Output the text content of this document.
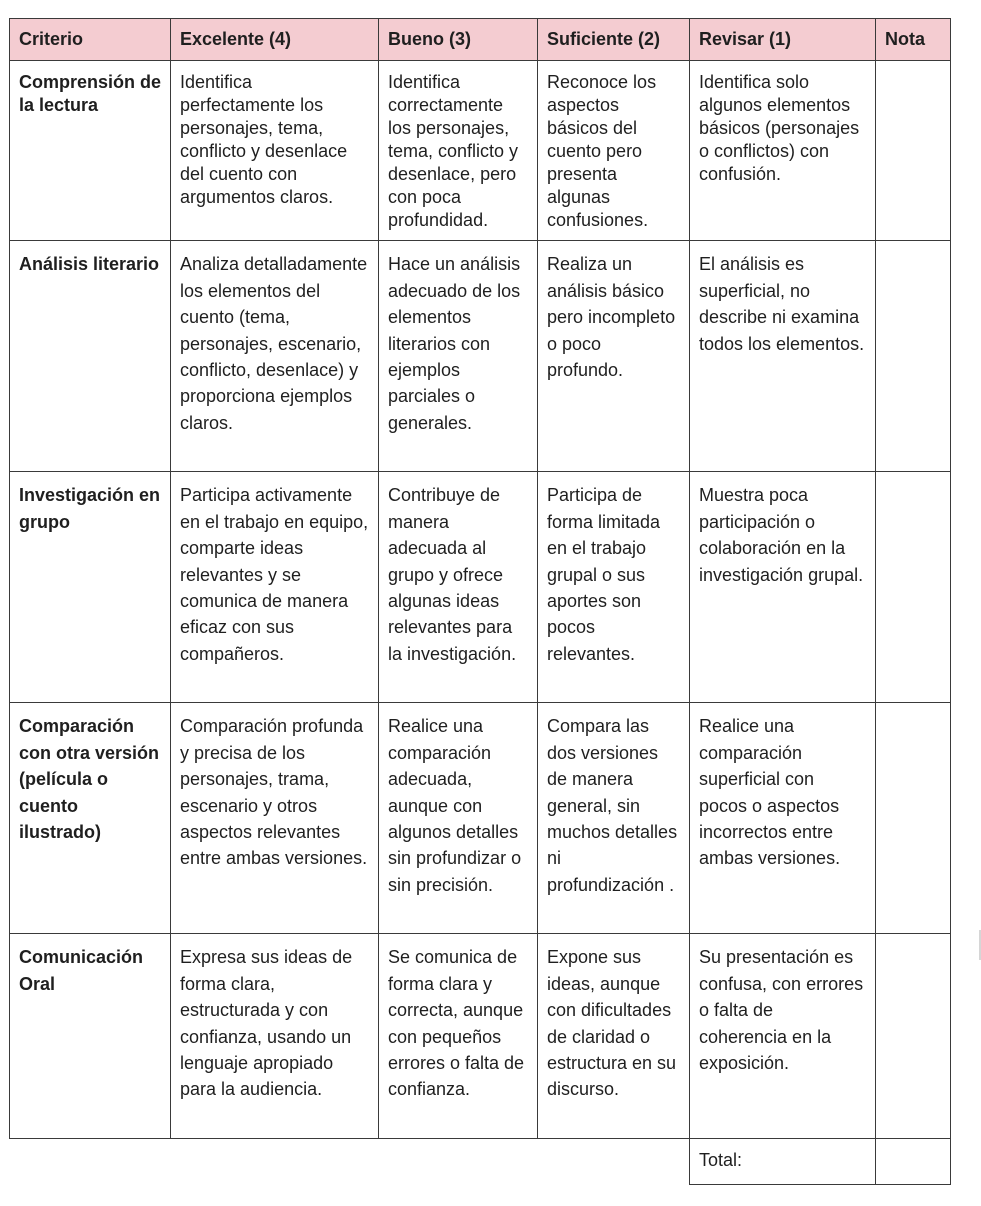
Criterio	Excelente (4)	Bueno (3)	Suficiente (2)	Revisar (1)	Nota
Comprensión de la lectura	Identifica perfectamente los personajes, tema, conflicto y desenlace del cuento con argumentos claros.	Identifica correctamente los personajes, tema, conflicto y desenlace, pero con poca profundidad.	Reconoce los aspectos básicos del cuento pero presenta algunas confusiones.	Identifica solo algunos elementos básicos (personajes o conflictos) con confusión.	
Análisis literario	Analiza detalladamente los elementos del cuento (tema, personajes, escenario, conflicto, desenlace) y proporciona ejemplos claros.	Hace un análisis adecuado de los elementos literarios con ejemplos parciales o generales.	Realiza un análisis básico pero incompleto o poco profundo.	El análisis es superficial, no describe ni examina todos los elementos.	
Investigación en grupo	Participa activamente en el trabajo en equipo, comparte ideas relevantes y se comunica de manera eficaz con sus compañeros.	Contribuye de manera adecuada al grupo y ofrece algunas ideas relevantes para la investigación.	Participa de forma limitada en el trabajo grupal o sus aportes son pocos relevantes.	Muestra poca participación o colaboración en la investigación grupal.	
Comparación con otra versión (película o cuento ilustrado)	Comparación profunda y precisa de los personajes, trama, escenario y otros aspectos relevantes entre ambas versiones.	Realice una comparación adecuada, aunque con algunos detalles sin profundizar o sin precisión.	Compara las dos versiones de manera general, sin muchos detalles ni profundización .	Realice una comparación superficial con pocos o aspectos incorrectos entre ambas versiones.	
Comunicación Oral	Expresa sus ideas de forma clara, estructurada y con confianza, usando un lenguaje apropiado para la audiencia.	Se comunica de forma clara y correcta, aunque con pequeños errores o falta de confianza.	Expone sus ideas, aunque con dificultades de claridad o estructura en su discurso.	Su presentación es confusa, con errores o falta de coherencia en la exposición.	
				Total:	
